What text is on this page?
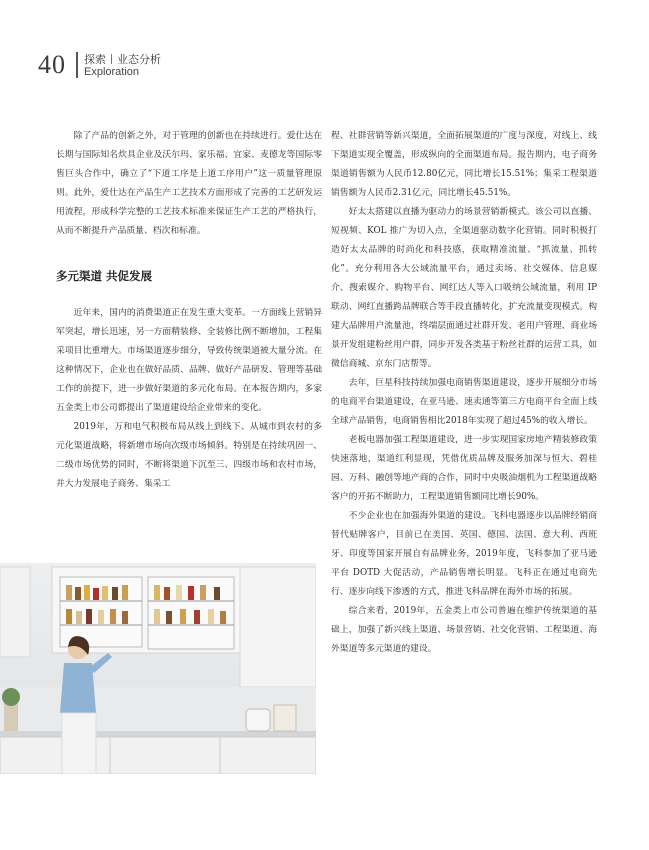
40 探索 业态分析
Exploration

除了产品的创新之外，对于管理的创新也在持续进行。爱仕达在长期与国际知名炊具企业及沃尔玛、家乐福、宜家、麦德龙等国际零售巨头合作中，确立了“下道工序是上道工序用户”这一质量管理原则。此外，爱仕达在产品生产工艺技术方面形成了完善的工艺研发运用流程，形成科学完整的工艺技术标准来保证生产工艺的严格执行，从而不断提升产品质量、档次和标准。

多元渠道 共促发展

近年来，国内的消费渠道正在发生重大变革。一方面线上营销异军突起，增长迅速，另一方面精装修、全装修比例不断增加，工程集采项目比重增大。市场渠道逐步细分，导致传统渠道被大量分流。在这种情况下，企业也在做好品质、品牌、做好产品研发、管理等基础工作的前提下，进一步做好渠道的多元化布局。在本报告期内，多家五金类上市公司都提出了渠道建设给企业带来的变化。

2019年，万和电气积极布局从线上到线下、从城市到农村的多元化渠道战略，将新增市场向次级市场倾斜。特别是在持续巩固一、二级市场优势的同时，不断将渠道下沉至三、四级市场和农村市场，并大力发展电子商务、集采工

程、社群营销等新兴渠道，全面拓展渠道的广度与深度，对线上、线下渠道实现全覆盖，形成纵向的全面渠道布局。报告期内，电子商务渠道销售额为人民币12.80亿元，同比增长15.51%；集采工程渠道销售额为人民币2.31亿元，同比增长45.51%。

好太太搭建以直播为驱动力的场景营销新模式。该公司以直播、短视频、KOL 推广为切入点，全渠道驱动数字化营销。同时积极打造好太太品牌的时尚化和科技感，获取精准流量、“抓流量、抓转化”。充分利用各大公域流量平台，通过卖场、社交媒体、信息媒介、搜索媒介、购物平台、网红达人等入口吸纳公域流量，利用 IP 联动、网红直播跨品牌联合等手段直播转化，扩充流量变现模式。构建大品牌用户流量池，终端层面通过社群开发、老用户管理、商业场景开发组建粉丝用户群，同步开发各类基于粉丝社群的运营工具，如微信商城、京东门店帮等。

去年，巨星科技持续加强电商销售渠道建设，逐步开展细分市场的电商平台渠道建设，在亚马逊、速卖通等第三方电商平台全面上线全球产品销售，电商销售相比2018年实现了超过45%的收入增长。

老板电器加强工程渠道建设，进一步实现国家房地产精装修政策快速落地，渠道红利显现，凭借优质品牌及服务加深与恒大、碧桂园、万科、融创等地产商的合作，同时中央吸油烟机为工程渠道战略客户的开拓不断助力，工程渠道销售额同比增长90%。

不少企业也在加强海外渠道的建设。飞科电器逐步以品牌经销商替代贴牌客户，目前已在美国、英国、德国、法国、意大利、西班牙、印度等国家开展自有品牌业务，2019年度，飞科参加了亚马逊平台 DOTD 大促活动，产品销售增长明显。飞科正在通过电商先行、逐步向线下渗透的方式，推进飞科品牌在海外市场的拓展。

综合来看，2019年，五金类上市公司普遍在维护传统渠道的基础上，加强了新兴线上渠道、场景营销、社交化营销、工程渠道、海外渠道等多元渠道的建设。
